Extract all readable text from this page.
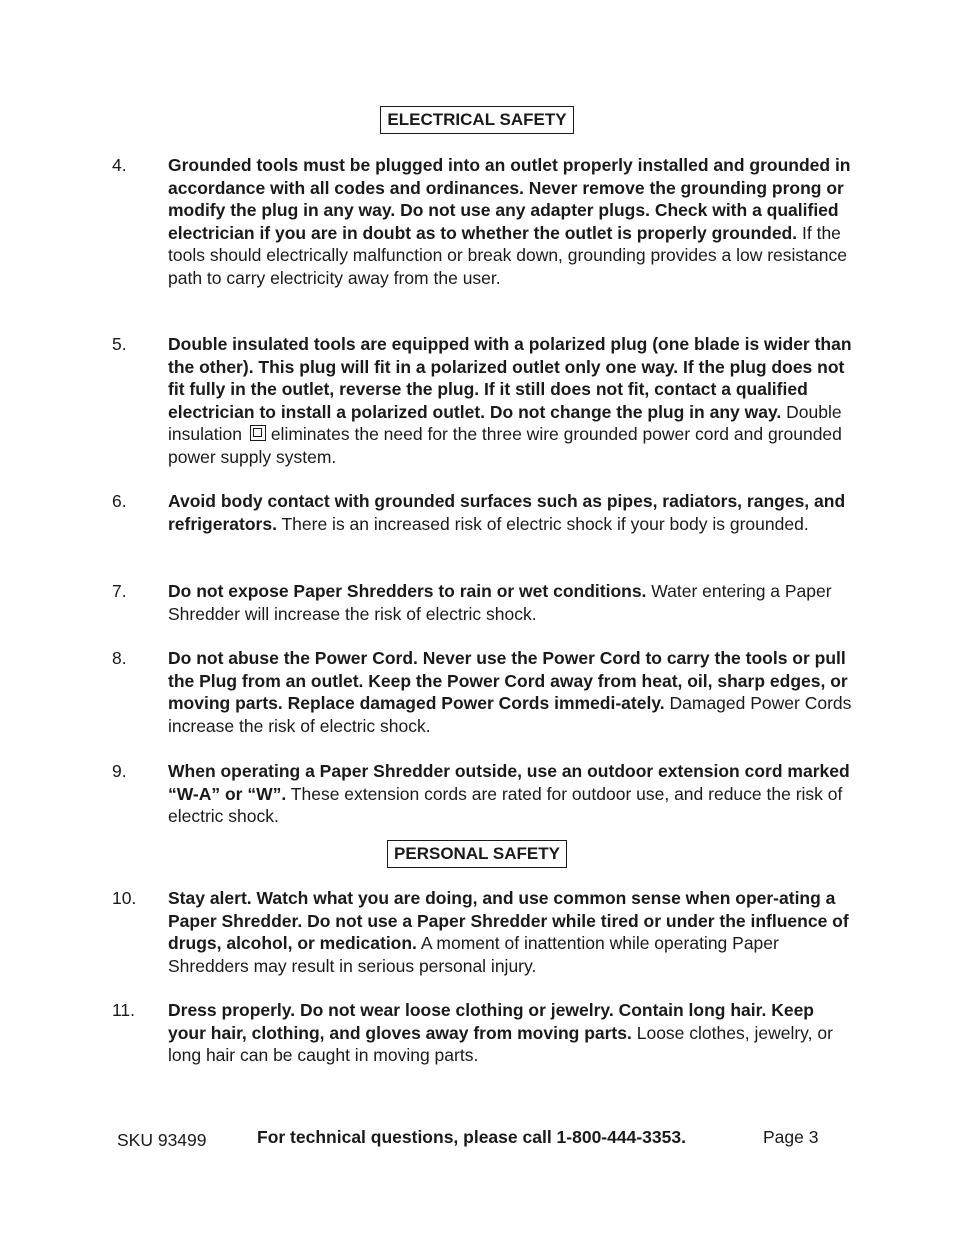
ELECTRICAL SAFETY
4. Grounded tools must be plugged into an outlet properly installed and grounded in accordance with all codes and ordinances. Never remove the grounding prong or modify the plug in any way. Do not use any adapter plugs. Check with a qualified electrician if you are in doubt as to whether the outlet is properly grounded. If the tools should electrically malfunction or break down, grounding provides a low resistance path to carry electricity away from the user.
5. Double insulated tools are equipped with a polarized plug (one blade is wider than the other). This plug will fit in a polarized outlet only one way. If the plug does not fit fully in the outlet, reverse the plug. If it still does not fit, contact a qualified electrician to install a polarized outlet. Do not change the plug in any way. Double insulation eliminates the need for the three wire grounded power cord and grounded power supply system.
6. Avoid body contact with grounded surfaces such as pipes, radiators, ranges, and refrigerators. There is an increased risk of electric shock if your body is grounded.
7. Do not expose Paper Shredders to rain or wet conditions. Water entering a Paper Shredder will increase the risk of electric shock.
8. Do not abuse the Power Cord. Never use the Power Cord to carry the tools or pull the Plug from an outlet. Keep the Power Cord away from heat, oil, sharp edges, or moving parts. Replace damaged Power Cords immedi-ately. Damaged Power Cords increase the risk of electric shock.
9. When operating a Paper Shredder outside, use an outdoor extension cord marked “W-A” or “W”. These extension cords are rated for outdoor use, and reduce the risk of electric shock.
PERSONAL SAFETY
10. Stay alert. Watch what you are doing, and use common sense when oper-ating a Paper Shredder. Do not use a Paper Shredder while tired or under the influence of drugs, alcohol, or medication. A moment of inattention while operating Paper Shredders may result in serious personal injury.
11. Dress properly. Do not wear loose clothing or jewelry. Contain long hair. Keep your hair, clothing, and gloves away from moving parts. Loose clothes, jewelry, or long hair can be caught in moving parts.
SKU 93499	For technical questions, please call 1-800-444-3353.	Page 3
